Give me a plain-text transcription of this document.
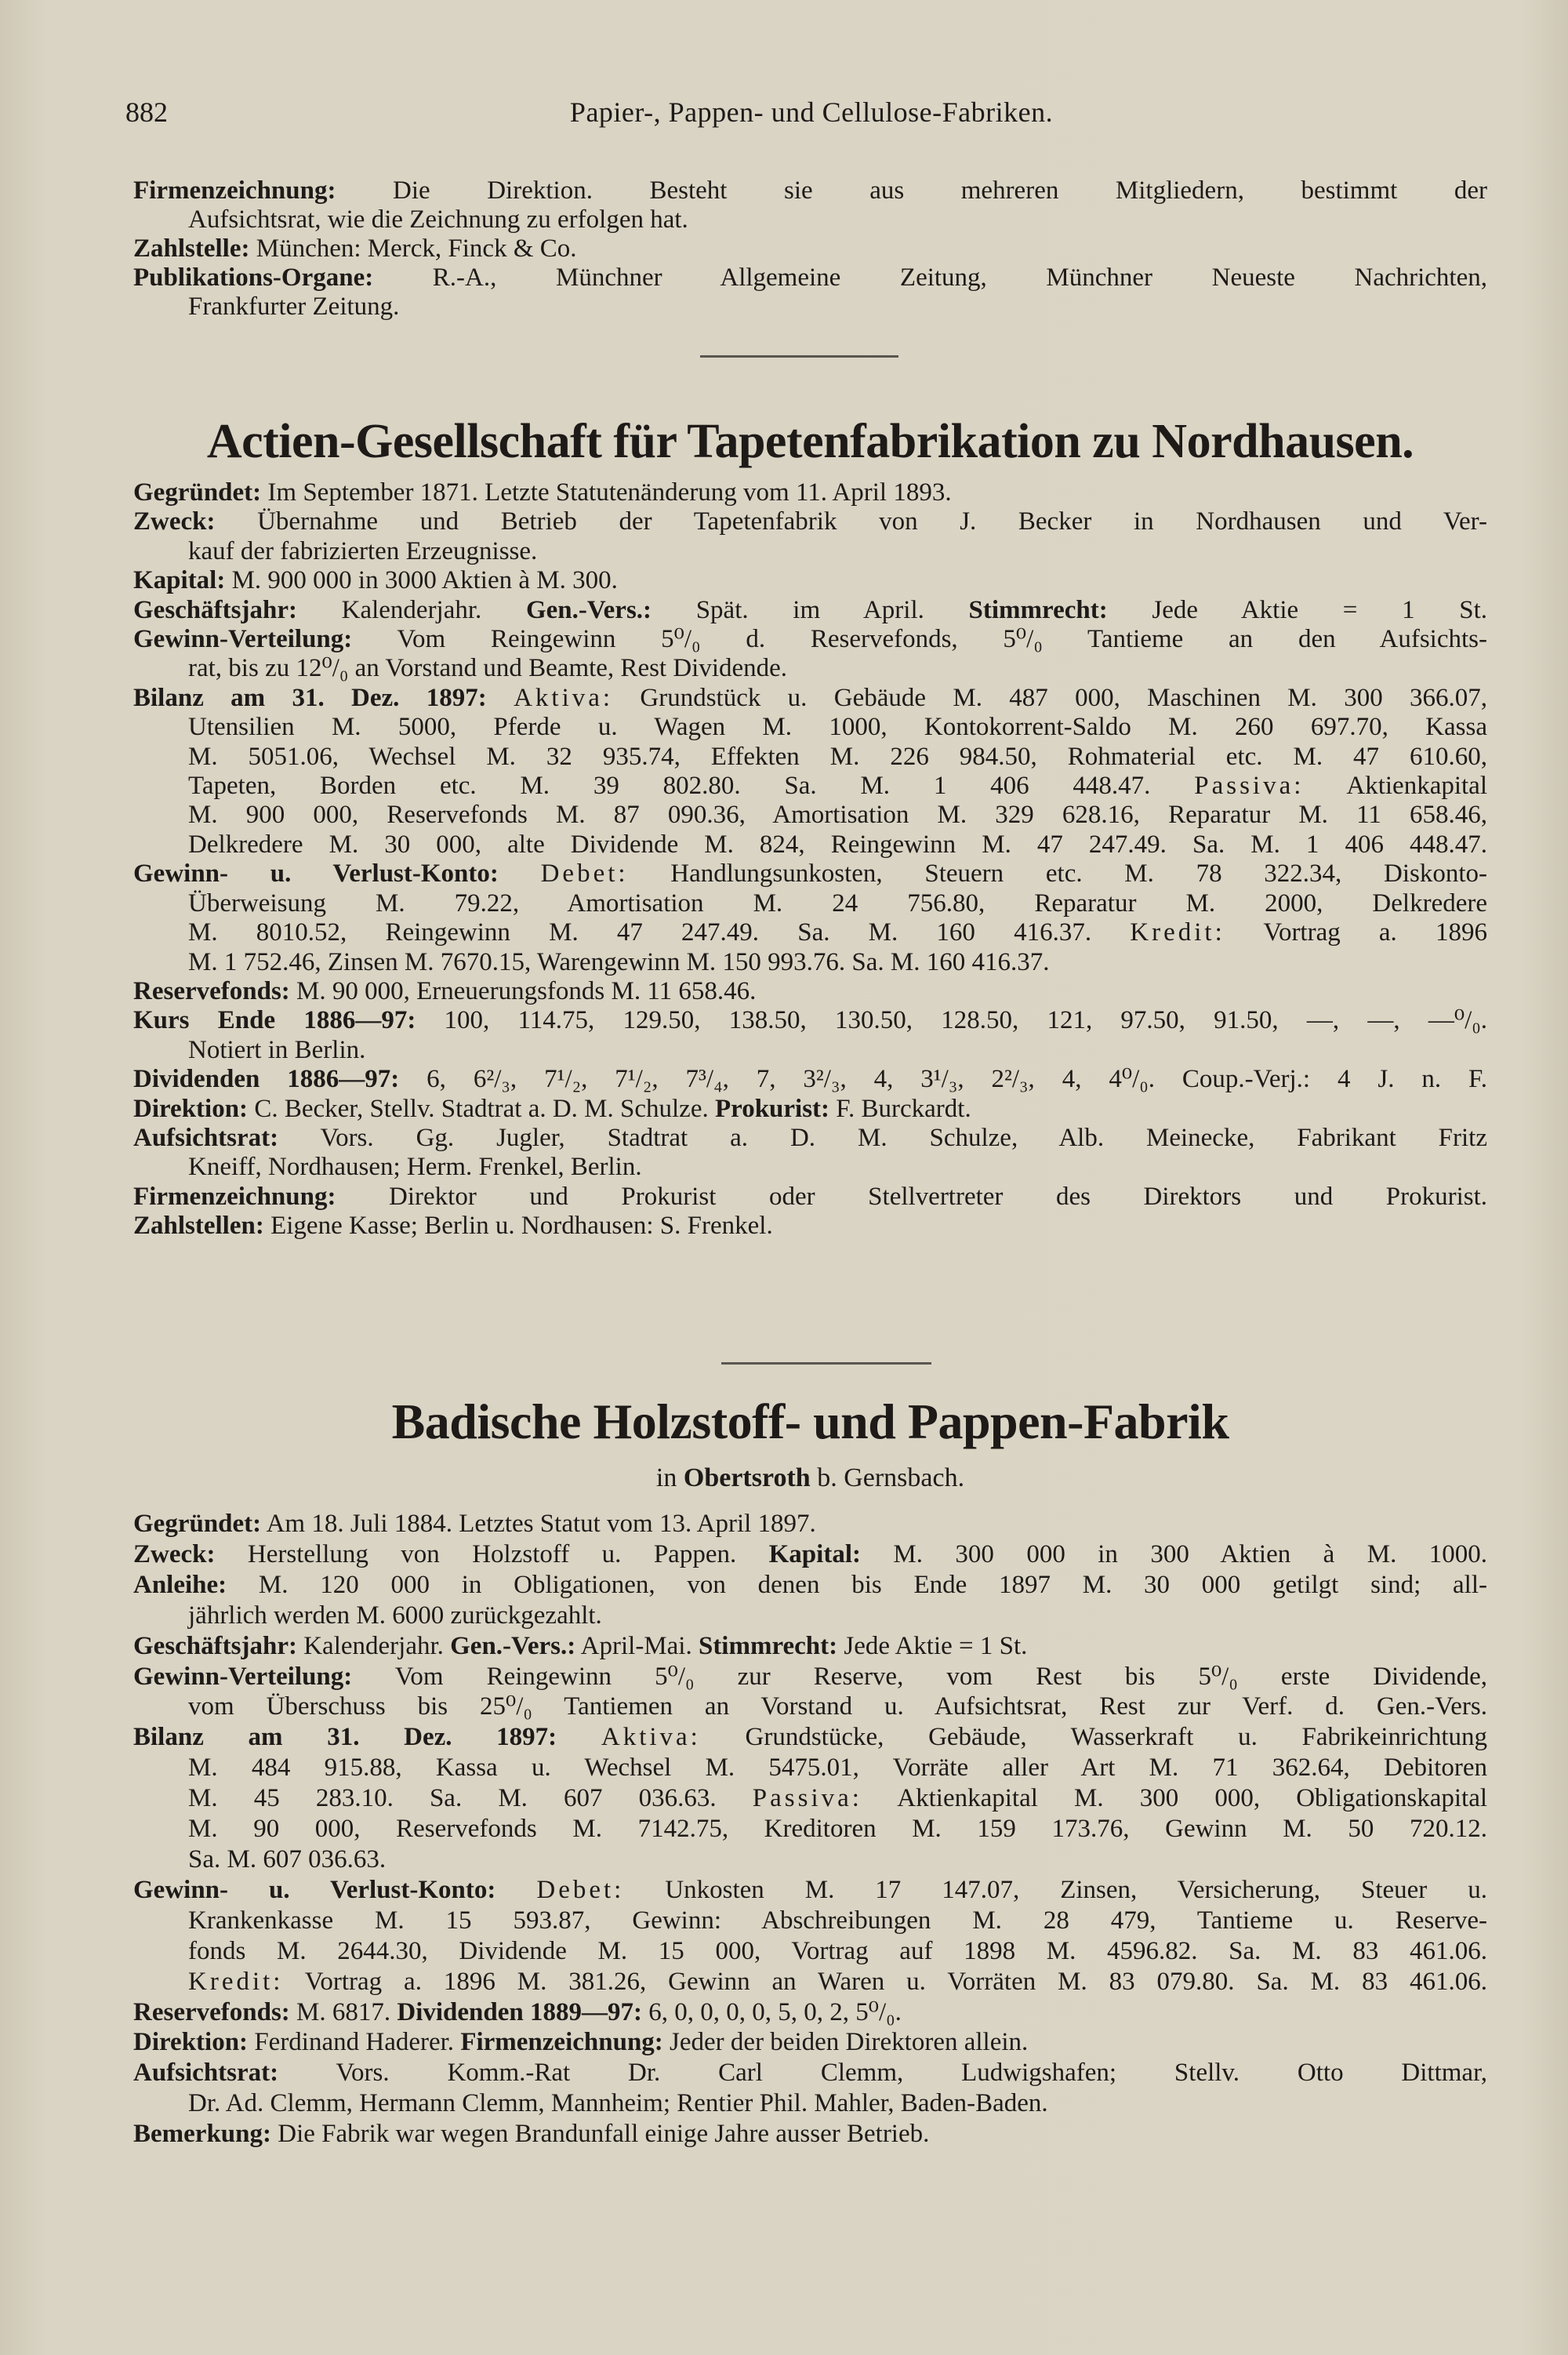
882	Papier-, Pappen- und Cellulose-Fabriken.
Firmenzeichnung: Die Direktion. Besteht sie aus mehreren Mitgliedern, bestimmt der
Aufsichtsrat, wie die Zeichnung zu erfolgen hat.
Zahlstelle: München: Merck, Finck & Co.
Publikations-Organe: R.-A., Münchner Allgemeine Zeitung, Münchner Neueste Nachrichten,
Frankfurter Zeitung.
Actien-Gesellschaft für Tapetenfabrikation zu Nordhausen.
Gegründet: Im September 1871. Letzte Statutenänderung vom 11. April 1893.
Zweck: Übernahme und Betrieb der Tapetenfabrik von J. Becker in Nordhausen und Ver-
kauf der fabrizierten Erzeugnisse.
Kapital: M. 900 000 in 3000 Aktien à M. 300.
Geschäftsjahr: Kalenderjahr. Gen.-Vers.: Spät. im April. Stimmrecht: Jede Aktie = 1 St.
Gewinn-Verteilung: Vom Reingewinn 5⁰/₀ d. Reservefonds, 5⁰/₀ Tantieme an den Aufsichts-
rat, bis zu 12⁰/₀ an Vorstand und Beamte, Rest Dividende.
Bilanz am 31. Dez. 1897: Aktiva: Grundstück u. Gebäude M. 487 000, Maschinen M. 300 366.07,
Utensilien M. 5000, Pferde u. Wagen M. 1000, Kontokorrent-Saldo M. 260 697.70, Kassa
M. 5051.06, Wechsel M. 32 935.74, Effekten M. 226 984.50, Rohmaterial etc. M. 47 610.60,
Tapeten, Borden etc. M. 39 802.80. Sa. M. 1 406 448.47. Passiva: Aktienkapital
M. 900 000, Reservefonds M. 87 090.36, Amortisation M. 329 628.16, Reparatur M. 11 658.46,
Delkredere M. 30 000, alte Dividende M. 824, Reingewinn M. 47 247.49. Sa. M. 1 406 448.47.
Gewinn- u. Verlust-Konto: Debet: Handlungsunkosten, Steuern etc. M. 78 322.34, Diskonto-
Überweisung M. 79.22, Amortisation M. 24 756.80, Reparatur M. 2000, Delkredere
M. 8010.52, Reingewinn M. 47 247.49. Sa. M. 160 416.37. Kredit: Vortrag a. 1896
M. 1 752.46, Zinsen M. 7670.15, Warengewinn M. 150 993.76. Sa. M. 160 416.37.
Reservefonds: M. 90 000, Erneuerungsfonds M. 11 658.46.
Kurs Ende 1886—97: 100, 114.75, 129.50, 138.50, 130.50, 128.50, 121, 97.50, 91.50, —, —, —⁰/₀.
Notiert in Berlin.
Dividenden 1886—97: 6, 6²/₃, 7¹/₂, 7¹/₂, 7³/₄, 7, 3²/₃, 4, 3¹/₃, 2²/₃, 4, 4⁰/₀. Coup.-Verj.: 4 J. n. F.
Direktion: C. Becker, Stellv. Stadtrat a. D. M. Schulze. Prokurist: F. Burckardt.
Aufsichtsrat: Vors. Gg. Jugler, Stadtrat a. D. M. Schulze, Alb. Meinecke, Fabrikant Fritz
Kneiff, Nordhausen; Herm. Frenkel, Berlin.
Firmenzeichnung: Direktor und Prokurist oder Stellvertreter des Direktors und Prokurist.
Zahlstellen: Eigene Kasse; Berlin u. Nordhausen: S. Frenkel.
Badische Holzstoff- und Pappen-Fabrik
in Obertsroth b. Gernsbach.
Gegründet: Am 18. Juli 1884. Letztes Statut vom 13. April 1897.
Zweck: Herstellung von Holzstoff u. Pappen. Kapital: M. 300 000 in 300 Aktien à M. 1000.
Anleihe: M. 120 000 in Obligationen, von denen bis Ende 1897 M. 30 000 getilgt sind; all-
jährlich werden M. 6000 zurückgezahlt.
Geschäftsjahr: Kalenderjahr. Gen.-Vers.: April-Mai. Stimmrecht: Jede Aktie = 1 St.
Gewinn-Verteilung: Vom Reingewinn 5⁰/₀ zur Reserve, vom Rest bis 5⁰/₀ erste Dividende,
vom Überschuss bis 25⁰/₀ Tantiemen an Vorstand u. Aufsichtsrat, Rest zur Verf. d. Gen.-Vers.
Bilanz am 31. Dez. 1897: Aktiva: Grundstücke, Gebäude, Wasserkraft u. Fabrikeinrichtung
M. 484 915.88, Kassa u. Wechsel M. 5475.01, Vorräte aller Art M. 71 362.64, Debitoren
M. 45 283.10. Sa. M. 607 036.63. Passiva: Aktienkapital M. 300 000, Obligationskapital
M. 90 000, Reservefonds M. 7142.75, Kreditoren M. 159 173.76, Gewinn M. 50 720.12.
Sa. M. 607 036.63.
Gewinn- u. Verlust-Konto: Debet: Unkosten M. 17 147.07, Zinsen, Versicherung, Steuer u.
Krankenkasse M. 15 593.87, Gewinn: Abschreibungen M. 28 479, Tantieme u. Reserve-
fonds M. 2644.30, Dividende M. 15 000, Vortrag auf 1898 M. 4596.82. Sa. M. 83 461.06.
Kredit: Vortrag a. 1896 M. 381.26, Gewinn an Waren u. Vorräten M. 83 079.80. Sa. M. 83 461.06.
Reservefonds: M. 6817. Dividenden 1889—97: 6, 0, 0, 0, 0, 5, 0, 2, 5⁰/₀.
Direktion: Ferdinand Haderer. Firmenzeichnung: Jeder der beiden Direktoren allein.
Aufsichtsrat: Vors. Komm.-Rat Dr. Carl Clemm, Ludwigshafen; Stellv. Otto Dittmar,
Dr. Ad. Clemm, Hermann Clemm, Mannheim; Rentier Phil. Mahler, Baden-Baden.
Bemerkung: Die Fabrik war wegen Brandunfall einige Jahre ausser Betrieb.
